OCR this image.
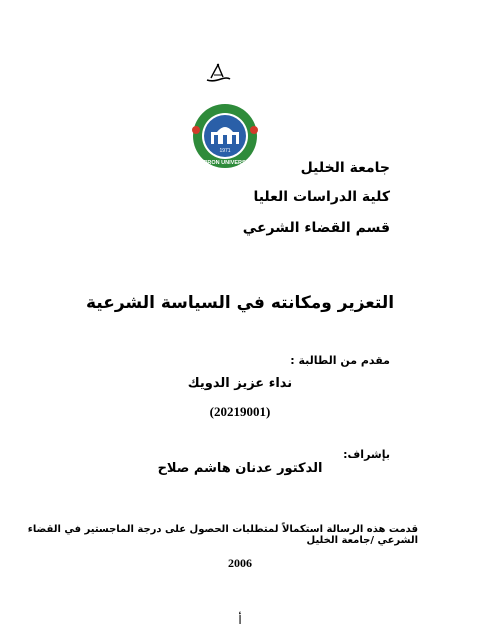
1971
HEBRON UNIVERSITY	جامعة الخليل
كلية الدراسات العليا
قسم القضاء الشرعي
التعزير ومكانته في السياسة الشرعية
مقدم من الطالبة :
نداء عزيز الدويك
(20219001)
بإشراف:
الدكتور عدنان هاشم صلاح
قدمت هذه الرسالة استكمالاً لمتطلبات الحصول على درجة الماجستير في القضاء الشرعي /جامعة الخليل
2006
أ
